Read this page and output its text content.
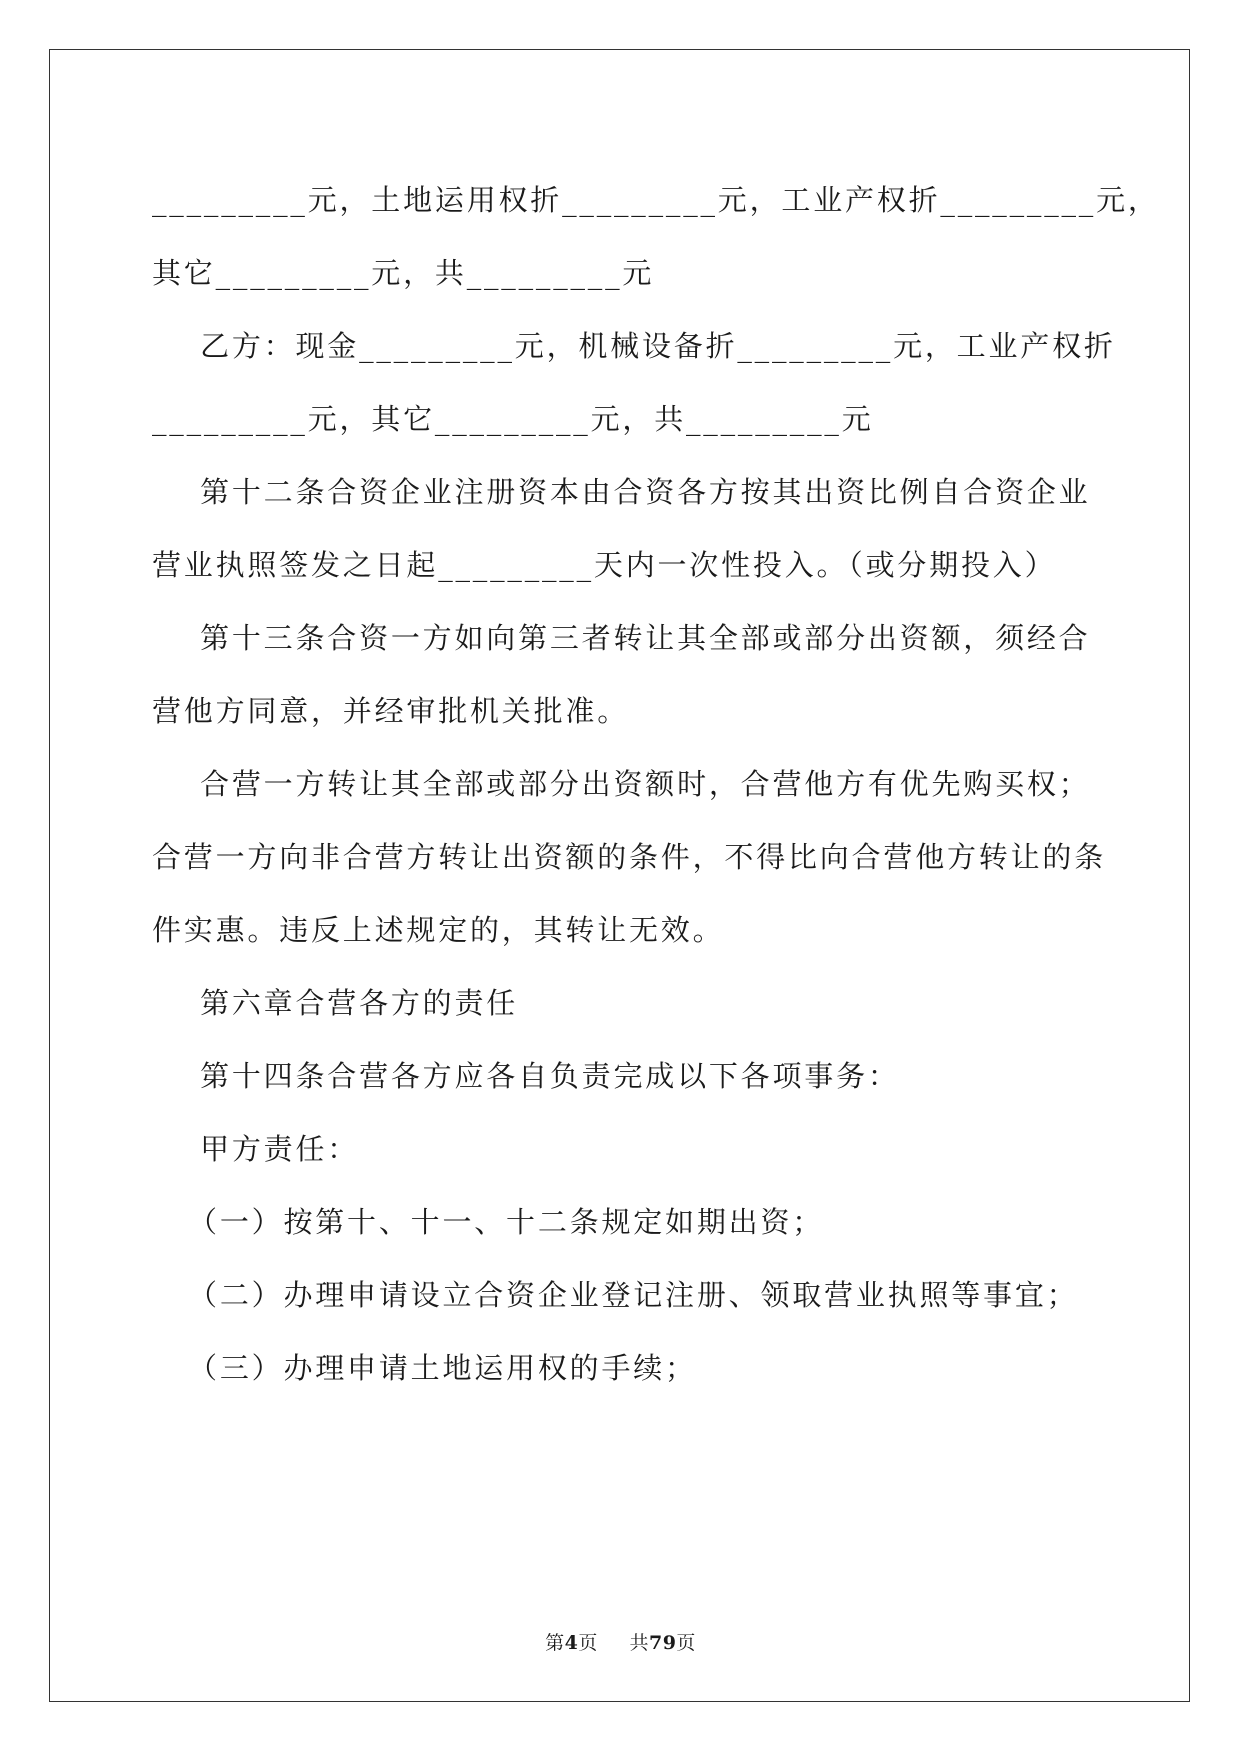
_________元，土地运用权折_________元，工业产权折_________元，
其它_________元，共_________元
乙方：现金_________元，机械设备折_________元，工业产权折
_________元，其它_________元，共_________元
第十二条合资企业注册资本由合资各方按其出资比例自合资企业
营业执照签发之日起_________天内一次性投入。（或分期投入）
第十三条合资一方如向第三者转让其全部或部分出资额，须经合
营他方同意，并经审批机关批准。
合营一方转让其全部或部分出资额时，合营他方有优先购买权；
合营一方向非合营方转让出资额的条件，不得比向合营他方转让的条
件实惠。违反上述规定的，其转让无效。
第六章合营各方的责任
第十四条合营各方应各自负责完成以下各项事务：
甲方责任：
（一）按第十、十一、十二条规定如期出资；
（二）办理申请设立合资企业登记注册、领取营业执照等事宜；
（三）办理申请土地运用权的手续；
第4页 共79页
